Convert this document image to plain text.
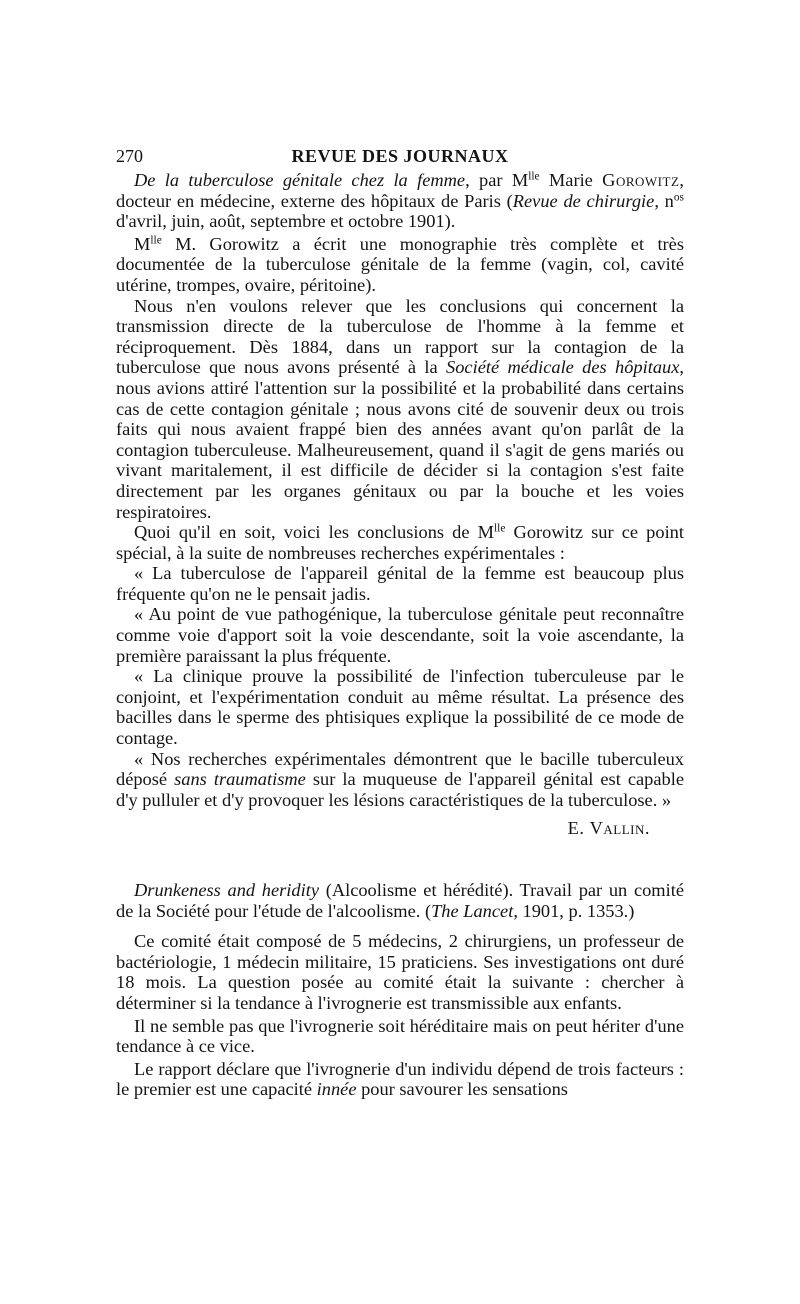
270	REVUE DES JOURNAUX

De la tuberculose génitale chez la femme, par $M^{lle}$ Marie Gorowitz, docteur en médecine, externe des hôpitaux de Paris (Revue de chirurgie, $n^{os}$ d'avril, juin, août, septembre et octobre 1901).

$M^{lle}$ M. Gorowitz a écrit une monographie très complète et très documentée de la tuberculose génitale de la femme (vagin, col, cavité utérine, trompes, ovaire, péritoine).

Nous n'en voulons relever que les conclusions qui concernent la transmission directe de la tuberculose de l'homme à la femme et réciproquement. Dès 1884, dans un rapport sur la contagion de la tuberculose que nous avons présenté à la Société médicale des hôpitaux, nous avions attiré l'attention sur la possibilité et la probabilité dans certains cas de cette contagion génitale ; nous avons cité de souvenir deux ou trois faits qui nous avaient frappé bien des années avant qu'on parlât de la contagion tuberculeuse. Malheureusement, quand il s'agit de gens mariés ou vivant maritalement, il est difficile de décider si la contagion s'est faite directement par les organes génitaux ou par la bouche et les voies respiratoires.

Quoi qu'il en soit, voici les conclusions de $M^{lle}$ Gorowitz sur ce point spécial, à la suite de nombreuses recherches expérimentales :

« La tuberculose de l'appareil génital de la femme est beaucoup plus fréquente qu'on ne le pensait jadis.

« Au point de vue pathogénique, la tuberculose génitale peut reconnaître comme voie d'apport soit la voie descendante, soit la voie ascendante, la première paraissant la plus fréquente.

« La clinique prouve la possibilité de l'infection tuberculeuse par le conjoint, et l'expérimentation conduit au même résultat. La présence des bacilles dans le sperme des phtisiques explique la possibilité de ce mode de contage.

« Nos recherches expérimentales démontrent que le bacille tuberculeux déposé sans traumatisme sur la muqueuse de l'appareil génital est capable d'y pulluler et d'y provoquer les lésions caractéristiques de la tuberculose. »

E. Vallin.

Drunkeness and heridity (Alcoolisme et hérédité). Travail par un comité de la Société pour l'étude de l'alcoolisme. (The Lancet, 1901, p. 1353.)

Ce comité était composé de 5 médecins, 2 chirurgiens, un professeur de bactériologie, 1 médecin militaire, 15 praticiens. Ses investigations ont duré 18 mois. La question posée au comité était la suivante : chercher à déterminer si la tendance à l'ivrognerie est transmissible aux enfants.

Il ne semble pas que l'ivrognerie soit héréditaire mais on peut hériter d'une tendance à ce vice.

Le rapport déclare que l'ivrognerie d'un individu dépend de trois facteurs : le premier est une capacité innée pour savourer les sensations
